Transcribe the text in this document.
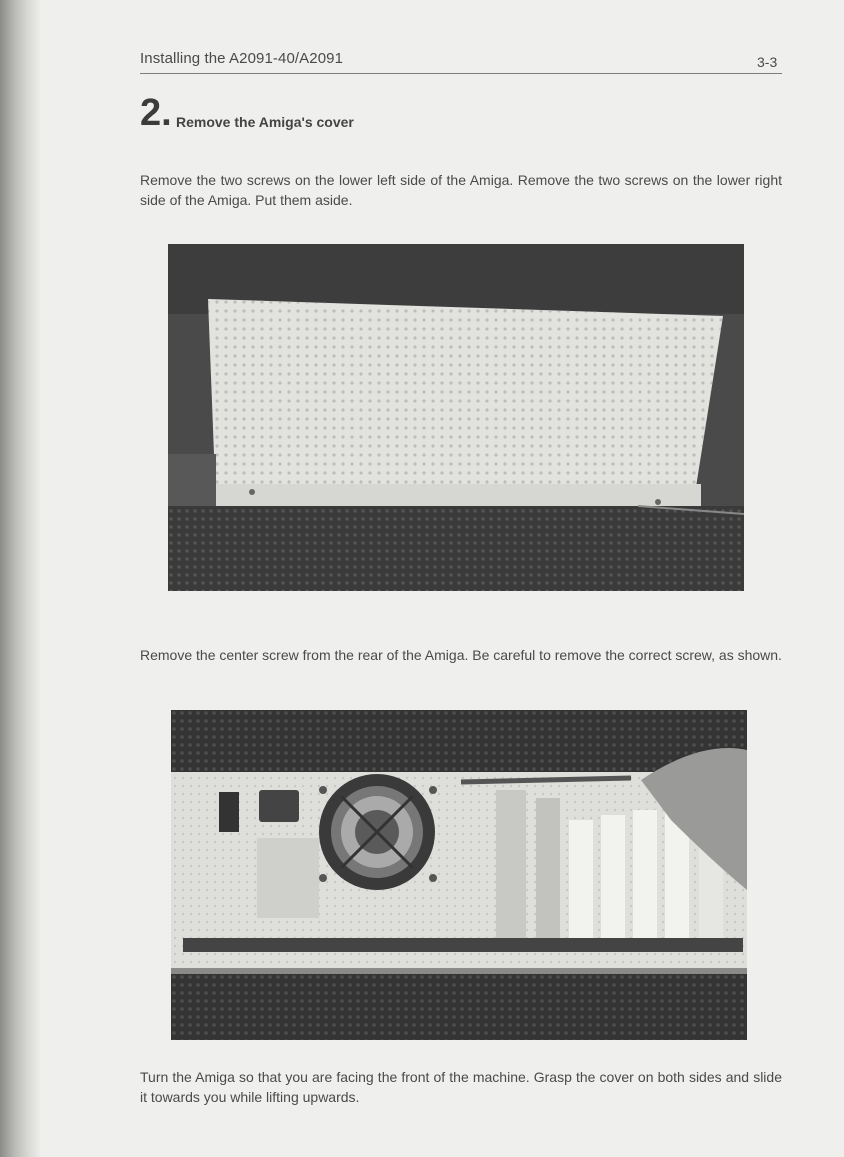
Installing the A2091-40/A2091	3-3
2. Remove the Amiga's cover

Remove the two screws on the lower left side of the Amiga. Remove the two screws on the lower right side of the Amiga. Put them aside.

Remove the center screw from the rear of the Amiga. Be careful to remove the correct screw, as shown.

Turn the Amiga so that you are facing the front of the machine. Grasp the cover on both sides and slide it towards you while lifting upwards.
